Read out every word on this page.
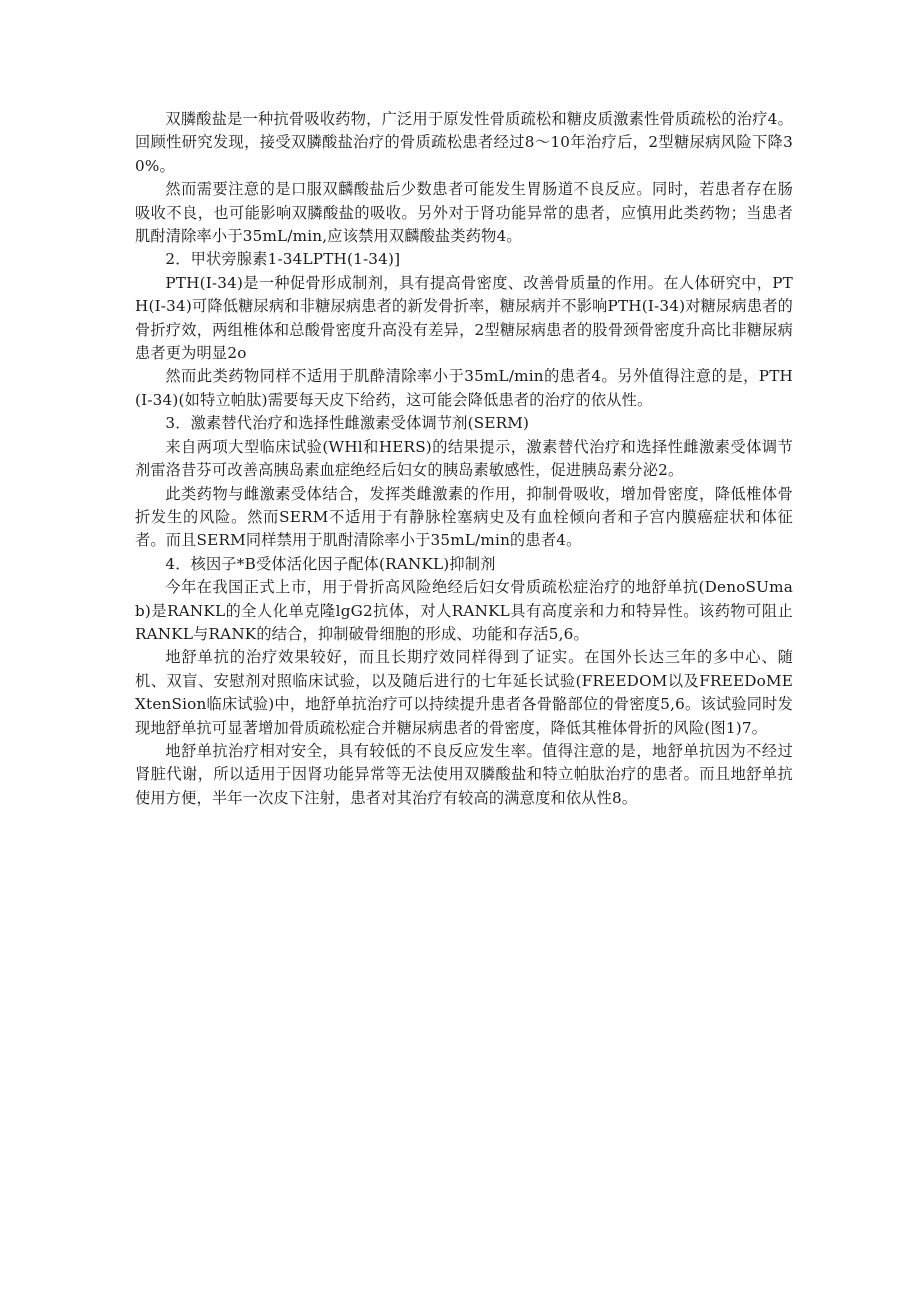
双膦酸盐是一种抗骨吸收药物，广泛用于原发性骨质疏松和糖皮质激素性骨质疏松的治疗4。回顾性研究发现，接受双膦酸盐治疗的骨质疏松患者经过8～10年治疗后，2型糖尿病风险下降30%。

然而需要注意的是口服双麟酸盐后少数患者可能发生胃肠道不良反应。同时，若患者存在肠吸收不良，也可能影响双膦酸盐的吸收。另外对于肾功能异常的患者，应慎用此类药物；当患者肌酎清除率小于35mL∕min,应该禁用双麟酸盐类药物4。

2．甲状旁腺素1-34LPTH(1-34)]

PTH(I-34)是一种促骨形成制剂，具有提高骨密度、改善骨质量的作用。在人体研究中，PTH(I-34)可降低糖尿病和非糖尿病患者的新发骨折率，糖尿病并不影响PTH(I-34)对糖尿病患者的骨折疗效，两组椎体和总酸骨密度升高没有差异，2型糖尿病患者的股骨颈骨密度升高比非糖尿病患者更为明显2o

然而此类药物同样不适用于肌酔清除率小于35mL/min的患者4。另外值得注意的是，PTH(I-34)(如特立帕肽)需要每天皮下给药，这可能会降低患者的治疗的依从性。

3．激素替代治疗和选择性雌激素受体调节剂(SERM)

来自两项大型临床试验(WHl和HERS)的结果提示，激素替代治疗和选择性雌激素受体调节剂雷洛昔芬可改善高胰岛素血症绝经后妇女的胰岛素敏感性，促进胰岛素分泌2。

此类药物与雌激素受体结合，发挥类雌激素的作用，抑制骨吸收，增加骨密度，降低椎体骨折发生的风险。然而SERM不适用于有静脉栓塞病史及有血栓倾向者和子宫内膜癌症状和体征者。而且SERM同样禁用于肌酎清除率小于35mL/min的患者4。

4．核因子*B受体活化因子配体(RANKL)抑制剂

今年在我国正式上市，用于骨折高风险绝经后妇女骨质疏松症治疗的地舒单抗(DenoSUmab)是RANKL的全人化单克隆lgG2抗体，对人RANKL具有高度亲和力和特异性。该药物可阻止RANKL与RANK的结合，抑制破骨细胞的形成、功能和存活5,6。

地舒单抗的治疗效果较好，而且长期疗效同样得到了证实。在国外长达三年的多中心、随机、双盲、安慰剂对照临床试验，以及随后进行的七年延长试验(FREEDOM以及FREEDoMEXtenSion临床试验)中，地舒单抗治疗可以持续提升患者各骨骼部位的骨密度5,6。该试验同时发现地舒单抗可显著增加骨质疏松症合并糖尿病患者的骨密度，降低其椎体骨折的风险(图1)7。

地舒单抗治疗相对安全，具有较低的不良反应发生率。值得注意的是，地舒单抗因为不经过肾脏代谢，所以适用于因肾功能异常等无法使用双膦酸盐和特立帕肽治疗的患者。而且地舒单抗使用方便，半年一次皮下注射，患者对其治疗有较高的满意度和依从性8。
